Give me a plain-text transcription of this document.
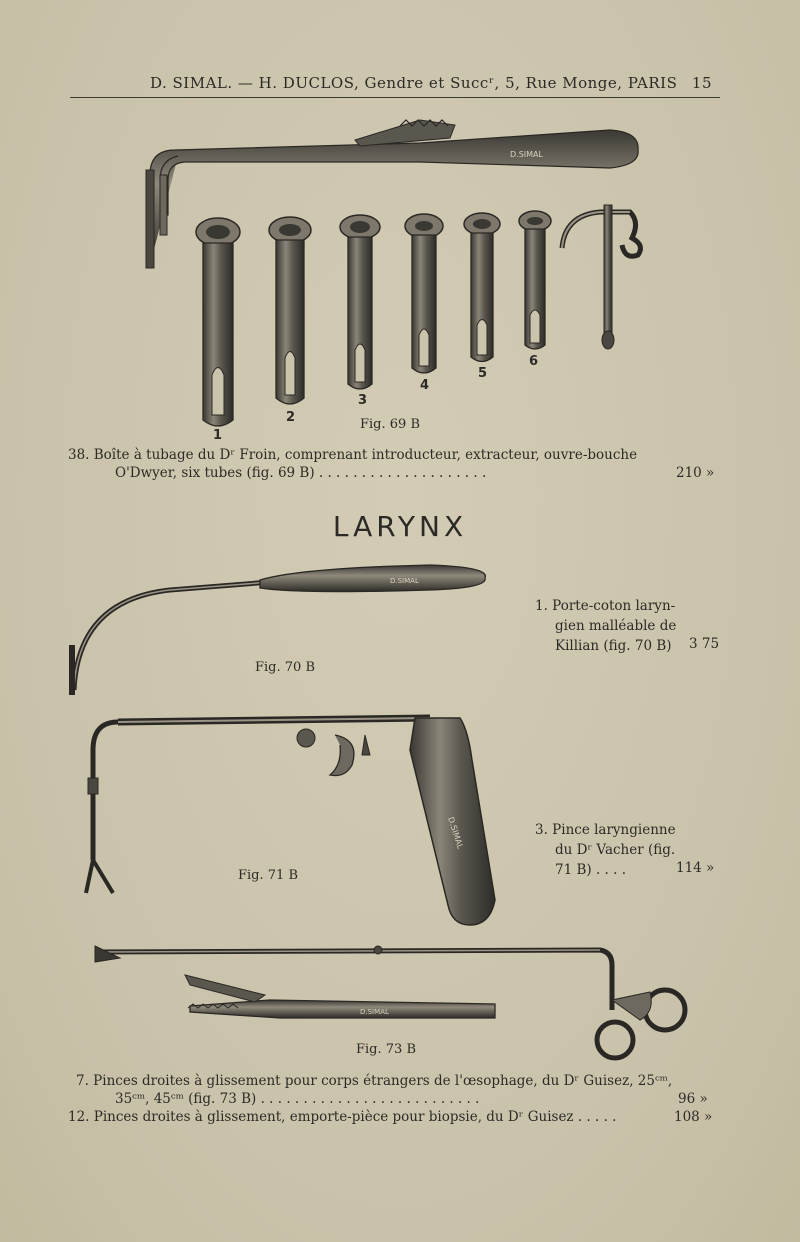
D. SIMAL. — H. DUCLOS, Gendre et Succʳ, 5, Rue Monge, PARIS 15
D.SIMAL
D.SIMAL
D.SIMAL
D.SIMAL
1
2
3
4
5
6
Fig. 69 B
38. Boîte à tubage du Dʳ Froin, comprenant introducteur, extracteur, ouvre-bouche
O'Dwyer, six tubes (fig. 69 B) . . . . . . . . . . . . . . . . . . . .	210 »
LARYNX
Fig. 70 B
1. Porte-coton laryn-
gien malléable de
Killian (fig. 70 B)	3 75
Fig. 71 B
3. Pince laryngienne
du Dʳ Vacher (fig.
71 B) . . . .	114 »
Fig. 73 B
7. Pinces droites à glissement pour corps étrangers de l'œsophage, du Dʳ Guisez, 25ᶜᵐ,
35ᶜᵐ, 45ᶜᵐ (fig. 73 B) . . . . . . . . . . . . . . . . . . . . . . . . . .	96 »
12. Pinces droites à glissement, emporte-pièce pour biopsie, du Dʳ Guisez . . . . .	108 »
